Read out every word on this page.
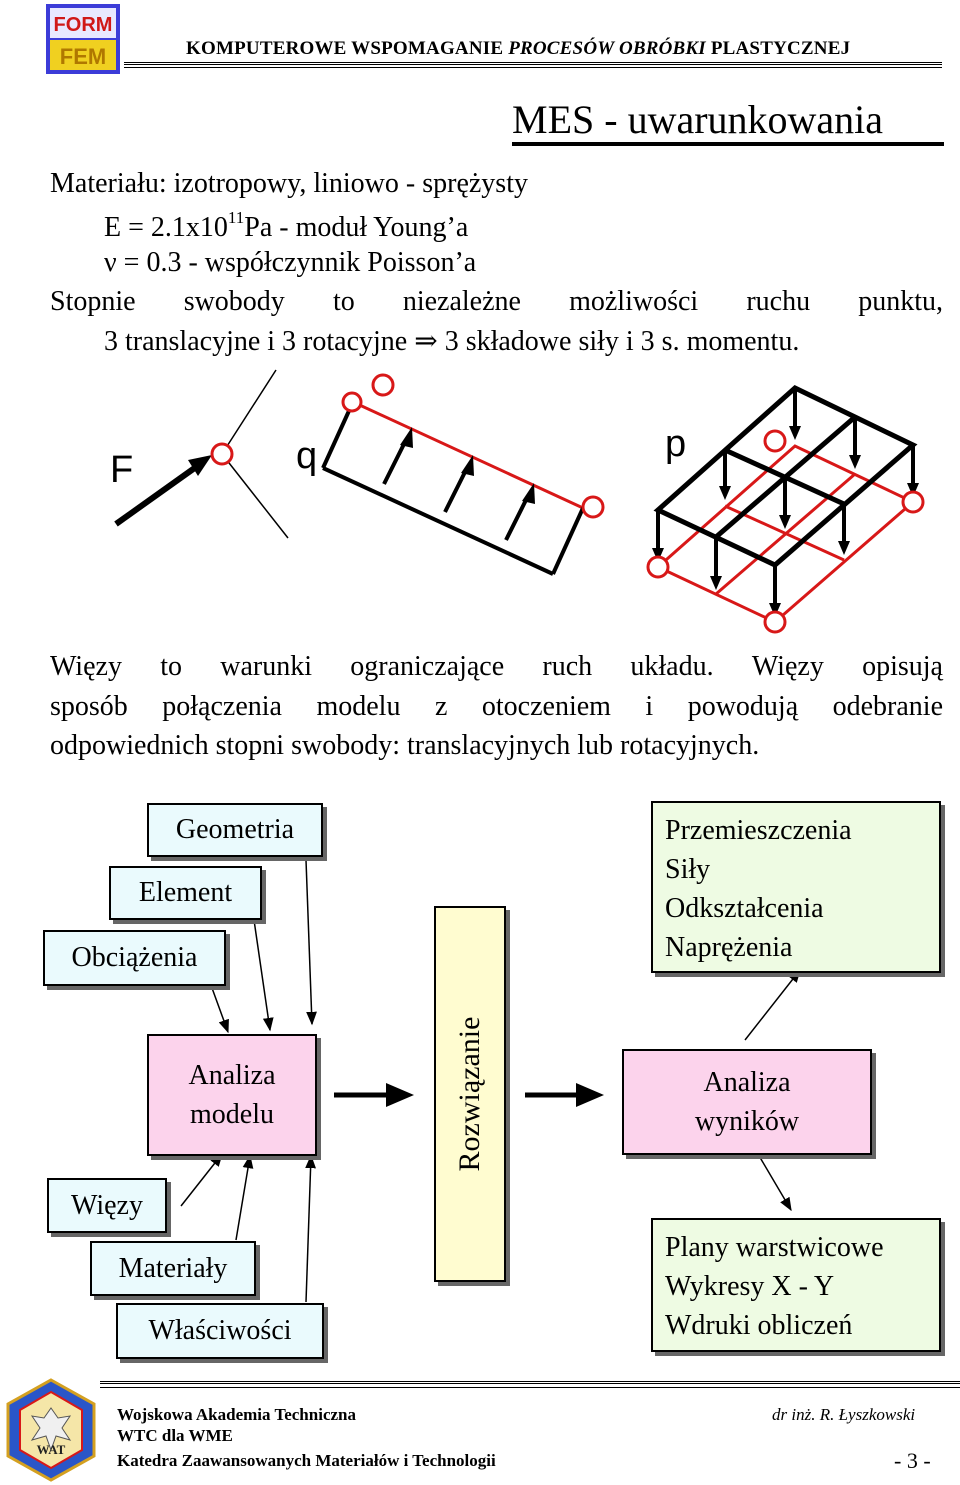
FORM
FEM	KOMPUTEROWE WSPOMAGANIE PROCESÓW OBRÓBKI PLASTYCZNEJ
MES - uwarunkowania
Materiału: izotropowy, liniowo - sprężysty
$E = 2.1x10^{11}Pa$ - moduł Young’a
ν = 0.3 - współczynnik Poisson’a
Stopnie swobody to niezależne możliwości ruchu punktu,
3 translacyjne i 3 rotacyjne ⇒ 3 składowe siły i 3 s. momentu.
F	q	p
Więzy to warunki ograniczające ruch układu. Więzy opisują
sposób połączenia modelu z otoczeniem i powodują odebranie
odpowiednich stopni swobody: translacyjnych lub rotacyjnych.
Geometria
Element
Obciążenia
Analiza
modelu
Więzy
Materiały
Właściwości
Rozwiązanie
Przemieszczenia
Siły
Odkształcenia
Naprężenia
Analiza
wyników
Plany warstwicowe
Wykresy X - Y
Wdruki obliczeń
WAT
Wojskowa Akademia Techniczna
WTC dla WME
Katedra Zaawansowanych Materiałów i Technologii
dr inż. R. Łyszkowski
- 3 -
